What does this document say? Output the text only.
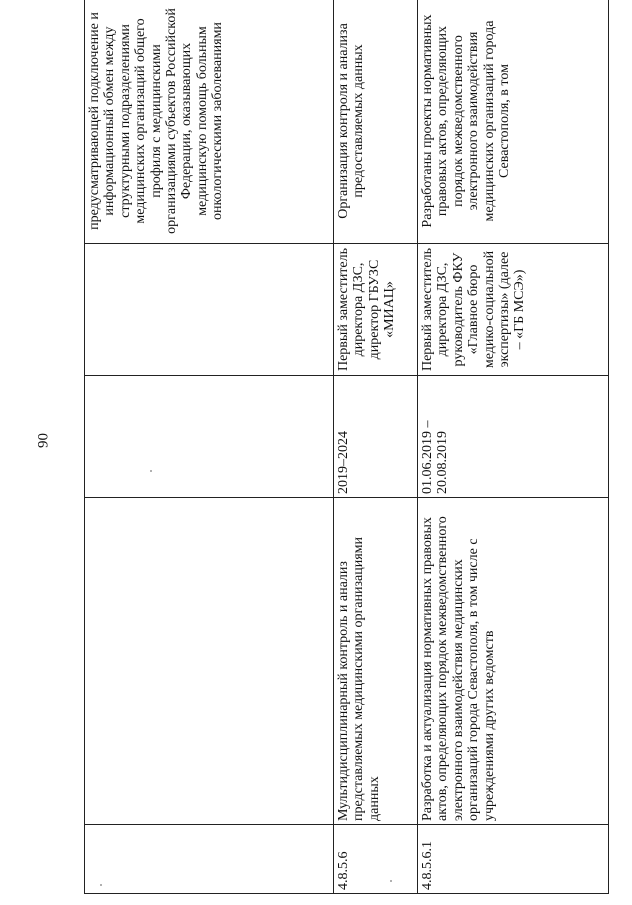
90
				предусматривающей подключение и информационный обмен между структурными подразделениями медицинских организаций общего профиля с медицинскими организациями субъектов Российской Федерации, оказывающих медицинскую помощь больным онкологическими заболеваниями
4.8.5.6	Мультидисциплинарный контроль и анализ представляемых медицинскими организациями данных	2019–2024	Первый заместитель директора ДЗС, директор ГБУЗС «МИАЦ»	Организация контроля и анализа предоставляемых данных
4.8.5.6.1	Разработка и актуализация нормативных правовых актов, определяющих порядок межведомственного электронного взаимодействия медицинских организаций города Севастополя, в том числе с учреждениями других ведомств	01.06.2019 – 20.08.2019	Первый заместитель директора ДЗС, руководитель ФКУ «Главное бюро медико-социальной экспертизы» (далее – «ГБ МСЭ»)	Разработаны проекты нормативных правовых актов, определяющих порядок межведомственного электронного взаимодействия медицинских организаций города Севастополя, в том
